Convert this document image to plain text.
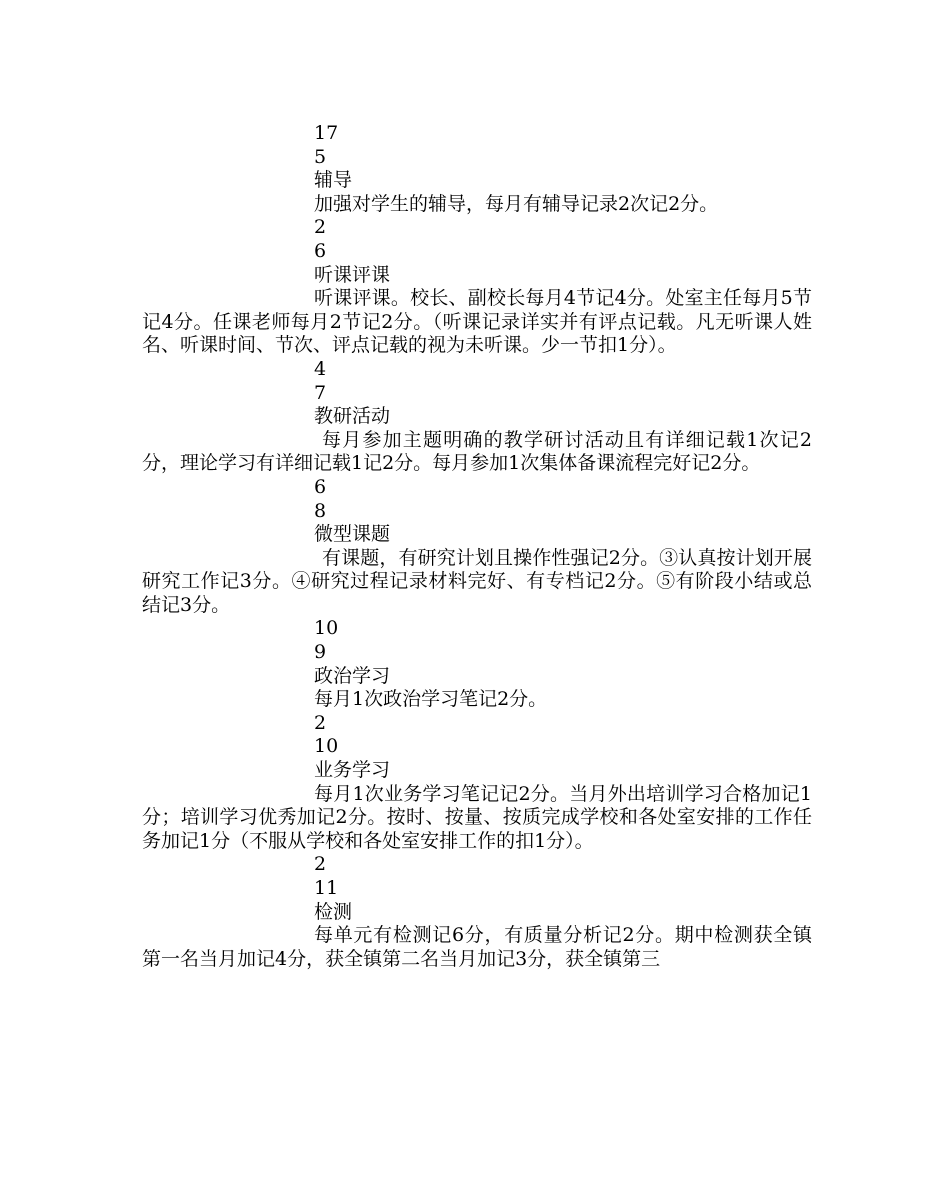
17
5
辅导
加强对学生的辅导，每月有辅导记录2次记2分。
2
6
听课评课
听课评课。校长、副校长每月4节记4分。处室主任每月5节记4分。任课老师每月2节记2分。（听课记录详实并有评点记载。凡无听课人姓名、听课时间、节次、评点记载的视为未听课。少一节扣1分）。
4
7
教研活动
每月参加主题明确的教学研讨活动且有详细记载1次记2分，理论学习有详细记载1记2分。每月参加1次集体备课流程完好记2分。
6
8
微型课题
有课题，有研究计划且操作性强记2分。③认真按计划开展研究工作记3分。④研究过程记录材料完好、有专档记2分。⑤有阶段小结或总结记3分。
10
9
政治学习
每月1次政治学习笔记2分。
2
10
业务学习
每月1次业务学习笔记记2分。当月外出培训学习合格加记1分；培训学习优秀加记2分。按时、按量、按质完成学校和各处室安排的工作任务加记1分（不服从学校和各处室安排工作的扣1分）。
2
11
检测
每单元有检测记6分，有质量分析记2分。期中检测获全镇第一名当月加记4分，获全镇第二名当月加记3分，获全镇第三
